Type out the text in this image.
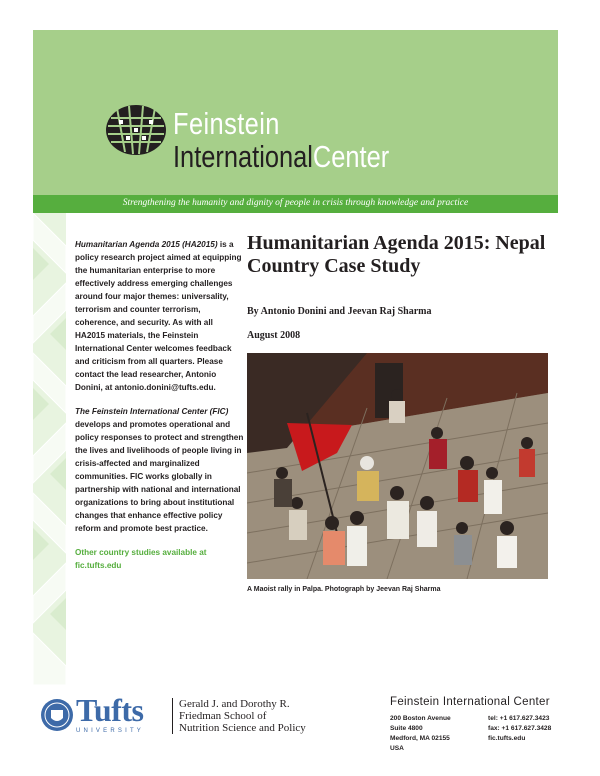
Feinstein
InternationalCenter
Strengthening the humanity and dignity of people in crisis through knowledge and practice

Humanitarian Agenda 2015 (HA2015) is a policy research project aimed at equipping the humanitarian enterprise to more effectively address emerging challenges around four major themes: universality, terrorism and counter terrorism, coherence, and security. As with all HA2015 materials, the Feinstein International Center welcomes feedback and criticism from all quarters. Please contact the lead researcher, Antonio Donini, at antonio.donini@tufts.edu.

The Feinstein International Center (FIC) develops and promotes operational and policy responses to protect and strengthen the lives and livelihoods of people living in crisis-affected and marginalized communities. FIC works globally in partnership with national and international organizations to bring about institutional changes that enhance effective policy reform and promote best practice.

Other country studies available at fic.tufts.edu

Humanitarian Agenda 2015: Nepal Country Case Study
By Antonio Donini and Jeevan Raj Sharma
August 2008
A Maoist rally in Palpa. Photograph by Jeevan Raj Sharma
Tufts
UNIVERSITY
Gerald J. and Dorothy R.
Friedman School of
Nutrition Science and Policy
Feinstein International Center
200 Boston Avenue
Suite 4800
Medford, MA 02155
USA
tel: +1 617.627.3423
fax: +1 617.627.3428
fic.tufts.edu
